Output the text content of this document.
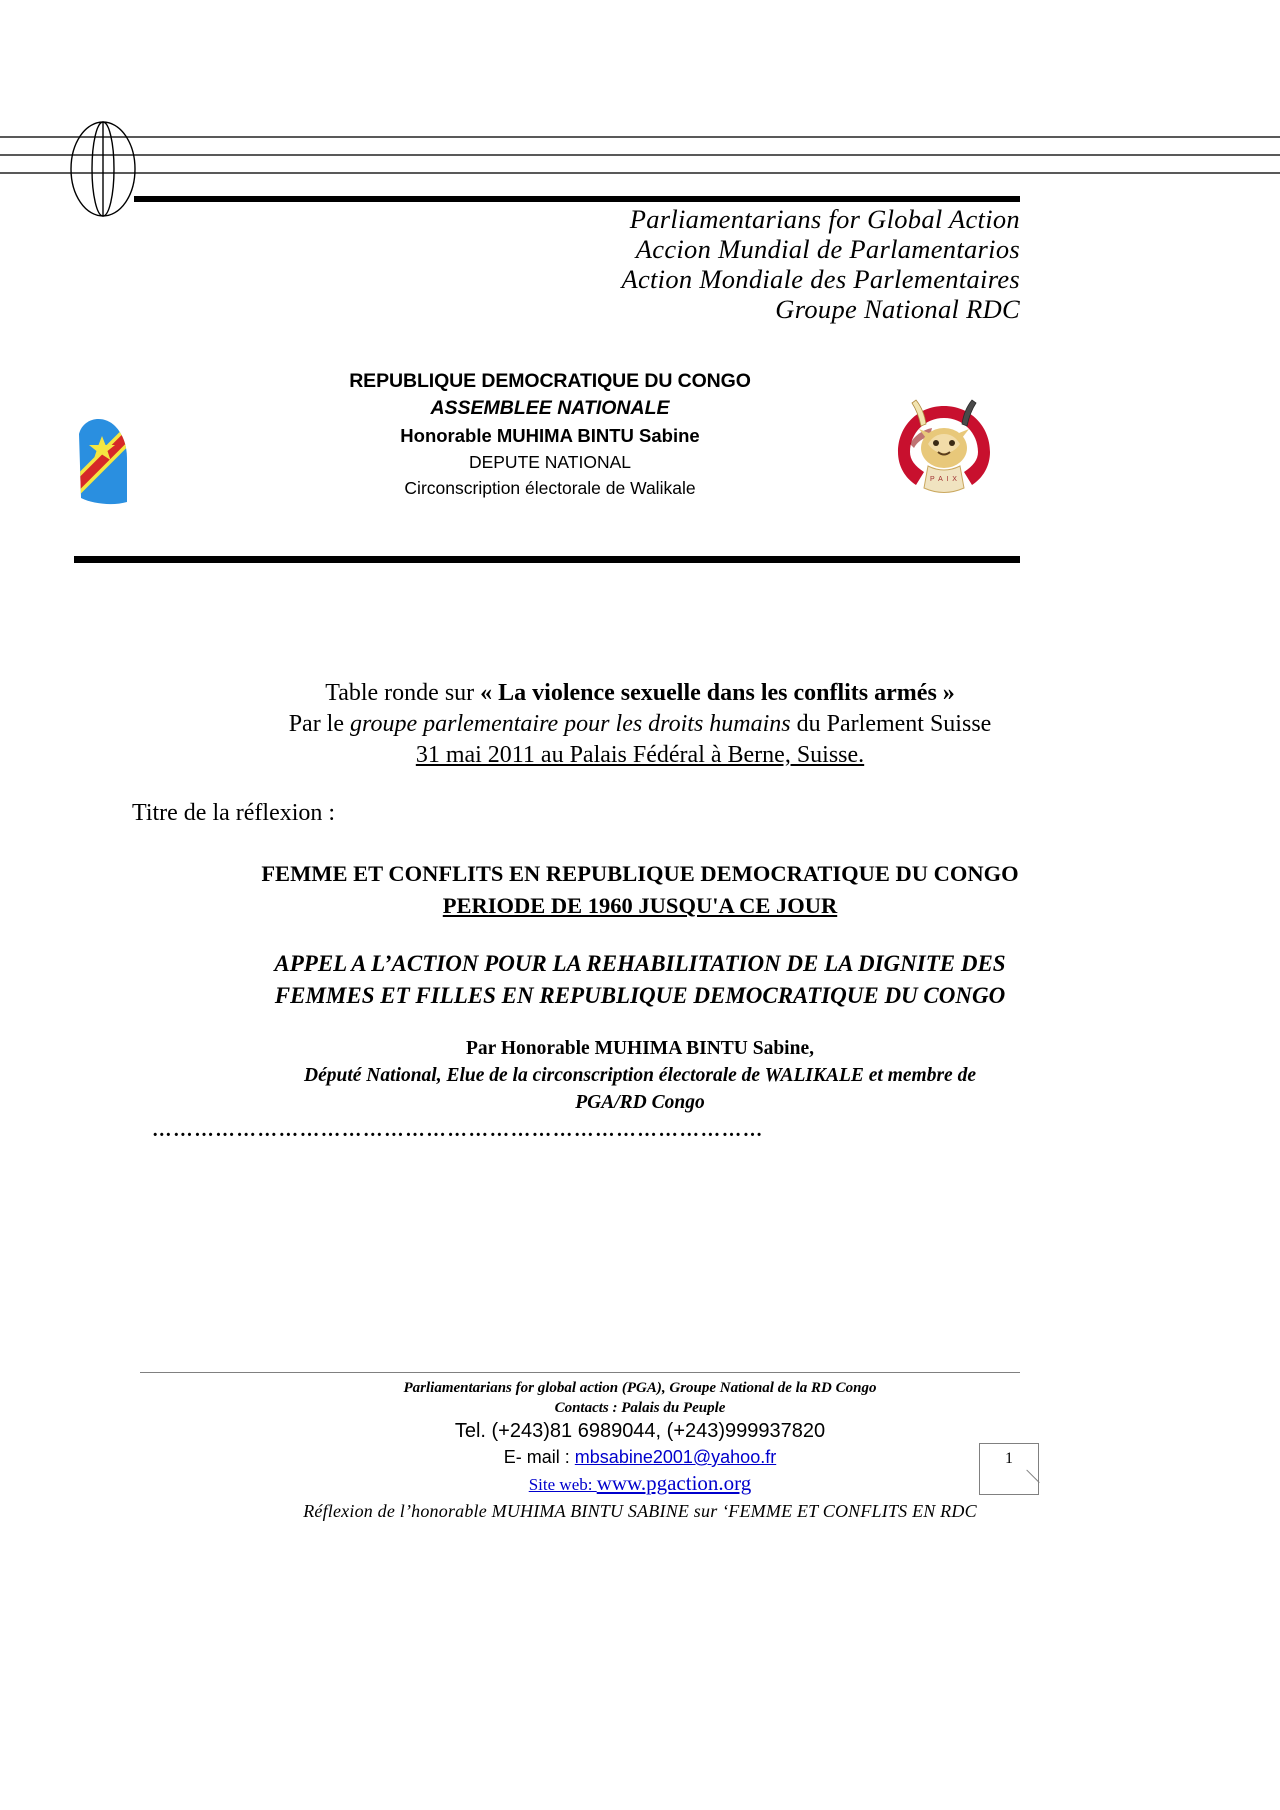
Parliamentarians for Global Action
Accion Mundial de Parlamentarios
Action Mondiale des Parlementaires
Groupe National RDC
P A I X
REPUBLIQUE DEMOCRATIQUE DU CONGO
ASSEMBLEE NATIONALE
Honorable MUHIMA BINTU Sabine
DEPUTE NATIONAL
Circonscription électorale de Walikale
Table ronde sur « La violence sexuelle dans les conflits armés »
Par le groupe parlementaire pour les droits humains du Parlement Suisse
31 mai 2011 au Palais Fédéral à Berne, Suisse.
Titre de la réflexion :
FEMME ET CONFLITS EN REPUBLIQUE DEMOCRATIQUE DU CONGO
PERIODE DE 1960 JUSQU'A CE JOUR
APPEL A L’ACTION POUR LA REHABILITATION DE LA DIGNITE DES
FEMMES ET FILLES EN REPUBLIQUE DEMOCRATIQUE DU CONGO
Par Honorable MUHIMA BINTU Sabine,
Député National, Elue de la circonscription électorale de WALIKALE et membre de
PGA/RD Congo
……………………………………………………………………………
Parliamentarians for global action (PGA), Groupe National de la RD Congo
Contacts : Palais du Peuple
Tel. (+243)81 6989044, (+243)999937820
E- mail : mbsabine2001@yahoo.fr
Site web: www.pgaction.org
Réflexion de l’honorable MUHIMA BINTU SABINE sur ‘FEMME ET CONFLITS EN RDC
1
